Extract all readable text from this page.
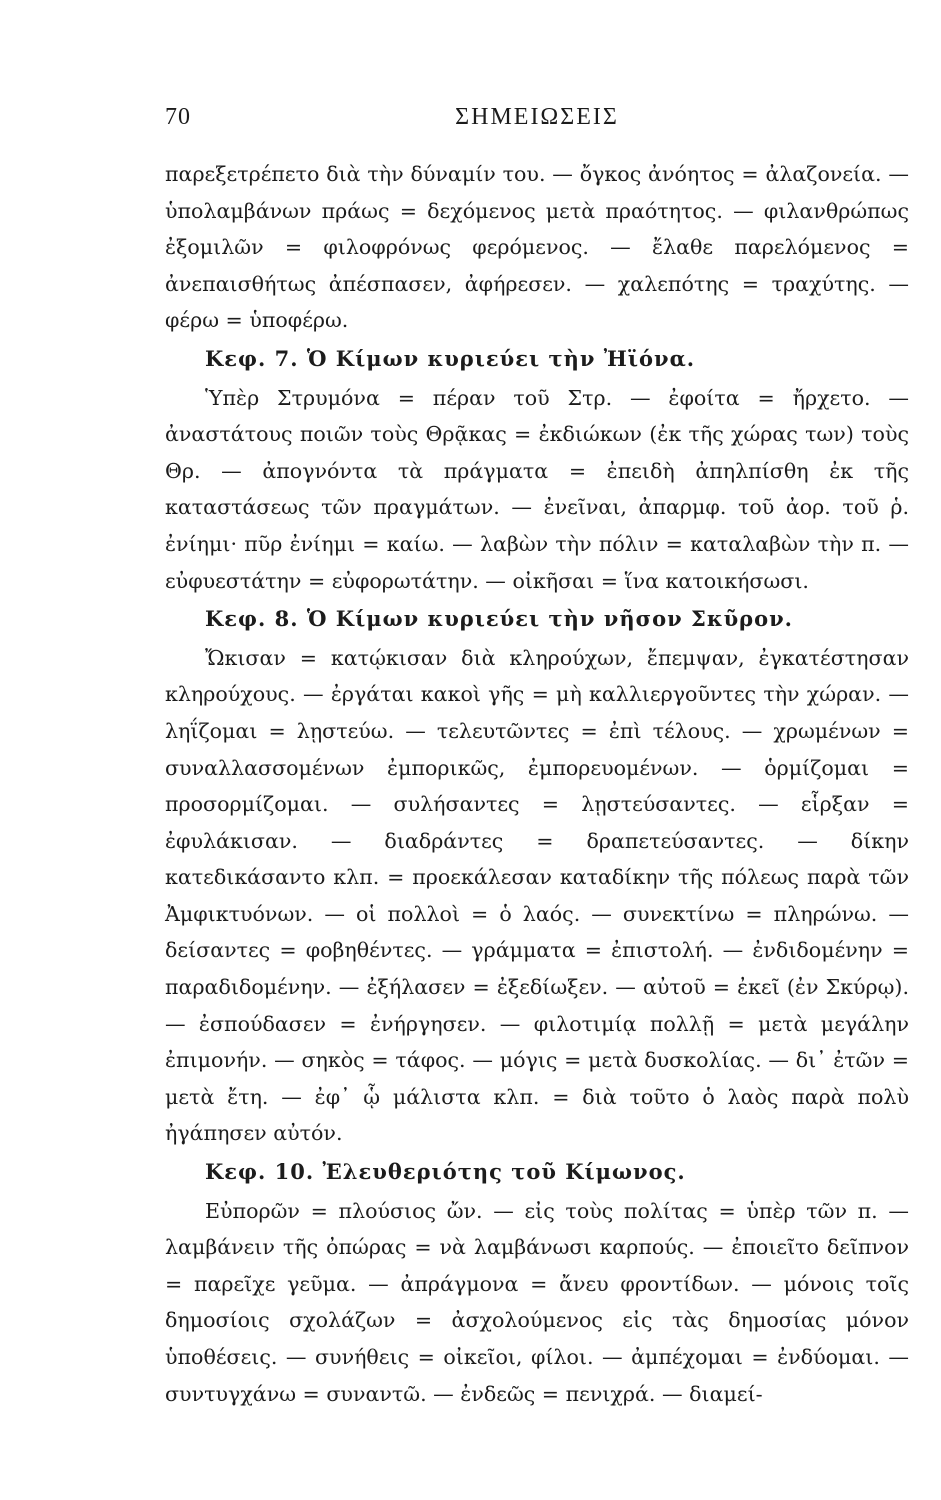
70	ΣΗΜΕΙΩΣΕΙΣ

παρεξετρέπετο διὰ τὴν δύναμίν του. — ὄγκος ἀνόητος = ἀλαζονεία. — ὑπολαμβάνων πράως = δεχόμενος μετὰ πραότητος. — φιλανθρώπως ἐξομιλῶν = φιλοφρόνως φερόμενος. — ἔλαθε παρελόμενος = ἀνεπαισθήτως ἀπέσπασεν, ἀφήρεσεν. — χαλεπότης = τραχύτης. — φέρω = ὑποφέρω.

Κεφ. 7. Ὁ Κίμων κυριεύει τὴν Ἠϊόνα.

Ὑπὲρ Στρυμόνα = πέραν τοῦ Στρ. — ἐφοίτα = ἤρχετο. — ἀναστάτους ποιῶν τοὺς Θρᾷκας = ἐκδιώκων (ἐκ τῆς χώρας των) τοὺς Θρ. — ἀπογνόντα τὰ πράγματα = ἐπειδὴ ἀπηλπίσθη ἐκ τῆς καταστάσεως τῶν πραγμάτων. — ἐνεῖναι, ἀπαρμφ. τοῦ ἀορ. τοῦ ῥ. ἐνίημι· πῦρ ἐνίημι = καίω. — λαβὼν τὴν πόλιν = καταλαβὼν τὴν π. — εὐφυεστάτην = εὐφορωτάτην. — οἰκῆσαι = ἵνα κατοικήσωσι.

Κεφ. 8. Ὁ Κίμων κυριεύει τὴν νῆσον Σκῦρον.

Ὤκισαν = κατῴκισαν διὰ κληρούχων, ἔπεμψαν, ἐγκατέστησαν κληρούχους. — ἐργάται κακοὶ γῆς = μὴ καλλιεργοῦντες τὴν χώραν. — ληΐζομαι = λῃστεύω. — τελευτῶντες = ἐπὶ τέλους. — χρωμένων = συναλλασσομένων ἐμπορικῶς, ἐμπορευομένων. — ὁρμίζομαι = προσορμίζομαι. — συλήσαντες = λῃστεύσαντες. — εἷρξαν = ἐφυλάκισαν. — διαδράντες = δραπετεύσαντες. — δίκην κατεδικάσαντο κλπ. = προεκάλεσαν καταδίκην τῆς πόλεως παρὰ τῶν Ἀμφικτυόνων. — οἱ πολλοὶ = ὁ λαός. — συνεκτίνω = πληρώνω. — δείσαντες = φοβηθέντες. — γράμματα = ἐπιστολή. — ἐνδιδομένην = παραδιδομένην. — ἐξήλασεν = ἐξεδίωξεν. — αὐτοῦ = ἐκεῖ (ἐν Σκύρῳ). — ἐσπούδασεν = ἐνήργησεν. — φιλοτιμίᾳ πολλῇ = μετὰ μεγάλην ἐπιμονήν. — σηκὸς = τάφος. — μόγις = μετὰ δυσκολίας. — δι᾽ ἐτῶν = μετὰ ἔτη. — ἐφ᾽ ᾧ μάλιστα κλπ. = διὰ τοῦτο ὁ λαὸς παρὰ πολὺ ἠγάπησεν αὐτόν.

Κεφ. 10. Ἐλευθεριότης τοῦ Κίμωνος.

Εὐπορῶν = πλούσιος ὤν. — εἰς τοὺς πολίτας = ὑπὲρ τῶν π. — λαμβάνειν τῆς ὀπώρας = νὰ λαμβάνωσι καρπούς. — ἐποιεῖτο δεῖπνον = παρεῖχε γεῦμα. — ἀπράγμονα = ἄνευ φροντίδων. — μόνοις τοῖς δημοσίοις σχολάζων = ἀσχολούμενος εἰς τὰς δημοσίας μόνον ὑποθέσεις. — συνήθεις = οἰκεῖοι, φίλοι. — ἀμπέχομαι = ἐνδύομαι. — συντυγχάνω = συναντῶ. — ἐνδεῶς = πενιχρά. — διαμεί-
